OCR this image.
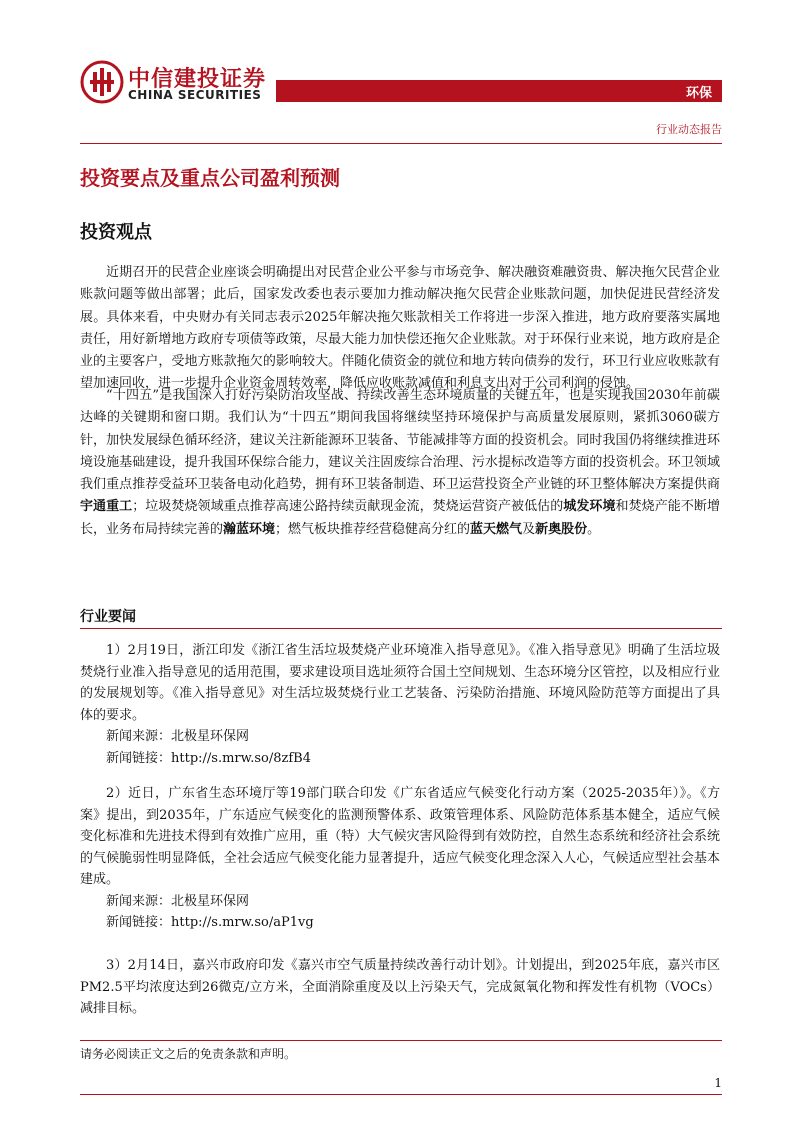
中信建投证券
CHINA SECURITIES	环保
行业动态报告
投资要点及重点公司盈利预测
投资观点

近期召开的民营企业座谈会明确提出对民营企业公平参与市场竞争、解决融资难融资贵、解决拖欠民营企业账款问题等做出部署；此后，国家发改委也表示要加力推动解决拖欠民营企业账款问题，加快促进民营经济发展。具体来看，中央财办有关同志表示2025年解决拖欠账款相关工作将进一步深入推进，地方政府要落实属地责任，用好新增地方政府专项债等政策，尽最大能力加快偿还拖欠企业账款。对于环保行业来说，地方政府是企业的主要客户，受地方账款拖欠的影响较大。伴随化债资金的就位和地方转向债券的发行，环卫行业应收账款有望加速回收，进一步提升企业资金周转效率，降低应收账款减值和利息支出对于公司利润的侵蚀。

“十四五”是我国深入打好污染防治攻坚战、持续改善生态环境质量的关键五年，也是实现我国2030年前碳达峰的关键期和窗口期。我们认为“十四五”期间我国将继续坚持环境保护与高质量发展原则，紧抓3060碳方针，加快发展绿色循环经济，建议关注新能源环卫装备、节能减排等方面的投资机会。同时我国仍将继续推进环境设施基础建设，提升我国环保综合能力，建议关注固废综合治理、污水提标改造等方面的投资机会。环卫领域我们重点推荐受益环卫装备电动化趋势，拥有环卫装备制造、环卫运营投资全产业链的环卫整体解决方案提供商宇通重工；垃圾焚烧领域重点推荐高速公路持续贡献现金流，焚烧运营资产被低估的城发环境和焚烧产能不断增长，业务布局持续完善的瀚蓝环境；燃气板块推荐经营稳健高分红的蓝天燃气及新奥股份。

行业要闻

1）2月19日，浙江印发《浙江省生活垃圾焚烧产业环境准入指导意见》。《准入指导意见》明确了生活垃圾焚烧行业准入指导意见的适用范围，要求建设项目选址须符合国土空间规划、生态环境分区管控，以及相应行业的发展规划等。《准入指导意见》对生活垃圾焚烧行业工艺装备、污染防治措施、环境风险防范等方面提出了具体的要求。

新闻来源：北极星环保网

新闻链接：http://s.mrw.so/8zfB4

2）近日，广东省生态环境厅等19部门联合印发《广东省适应气候变化行动方案（2025-2035年）》。《方案》提出，到2035年，广东适应气候变化的监测预警体系、政策管理体系、风险防范体系基本健全，适应气候变化标准和先进技术得到有效推广应用，重（特）大气候灾害风险得到有效防控，自然生态系统和经济社会系统的气候脆弱性明显降低，全社会适应气候变化能力显著提升，适应气候变化理念深入人心，气候适应型社会基本建成。

新闻来源：北极星环保网

新闻链接：http://s.mrw.so/aP1vg

3）2月14日，嘉兴市政府印发《嘉兴市空气质量持续改善行动计划》。计划提出，到2025年底，嘉兴市区PM2.5平均浓度达到26微克/立方米，全面消除重度及以上污染天气，完成氮氧化物和挥发性有机物（VOCs）减排目标。

请务必阅读正文之后的免责条款和声明。
1
